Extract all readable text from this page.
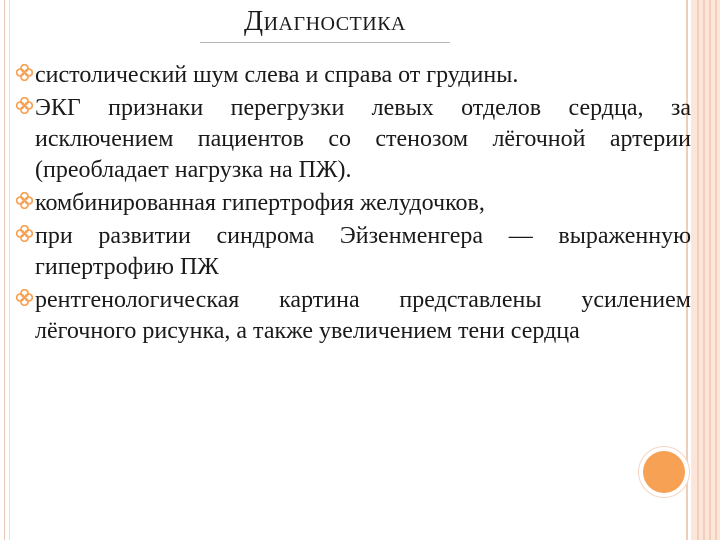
Диагностика
систолический шум слева и справа от грудины.
ЭКГ признаки перегрузки левых отделов сердца, за исключением пациентов со стенозом лёгочной артерии (преобладает нагрузка на ПЖ).
комбинированная гипертрофия желудочков,
при развитии синдрома Эйзенменгера — выраженную гипертрофию ПЖ
рентгенологическая картина представлены усилением лёгочного рисунка, а также увеличением тени сердца
